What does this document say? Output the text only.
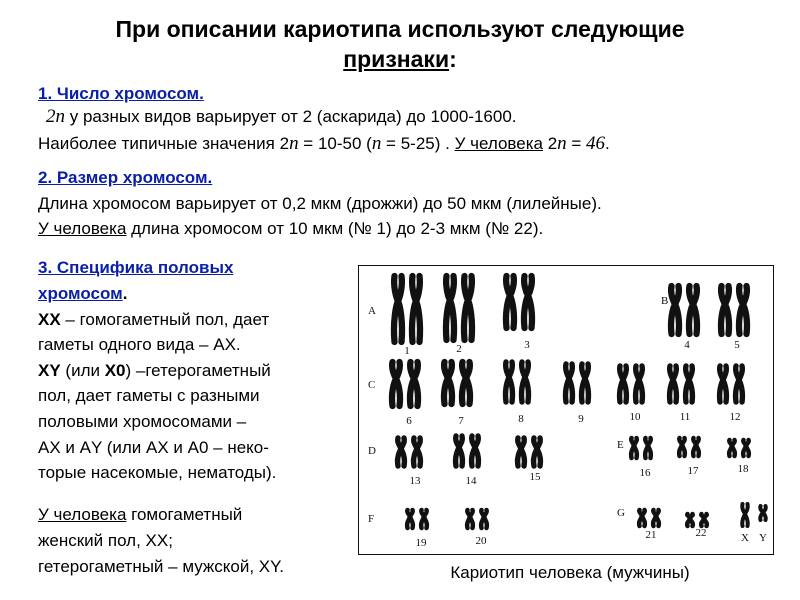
При описании кариотипа используют следующие
признаки:
1. Число хромосом.
2n у разных видов варьирует от 2 (аскарида) до 1000-1600.
Наиболее типичные значения 2n = 10-50 (n = 5-25) . У человека 2n = 46.
2. Размер хромосом.
Длина хромосом варьирует от 0,2 мкм (дрожжи) до 50 мкм (лилейные).
У человека длина хромосом от 10 мкм (№ 1) до 2-3 мкм (№ 22).
3. Специфика половых
хромосом.
XX – гомогаметный пол, дает
гаметы одного вида – АХ.
XY (или X0) –гетерогаметный
пол, дает гаметы с разными
половыми хромосомами –
АХ и АY (или АХ и А0 – неко-
торые насекомые, нематоды).
У человека гомогаметный
женский пол, ХХ;
гетерогаметный – мужской, XY.
A
B
C
D	E
F	G
1	2	3	4	5
6	7	8	9	10	11	12
13	14	15	16	17	18
19	20	21	22	X Y
Кариотип человека (мужчины)
